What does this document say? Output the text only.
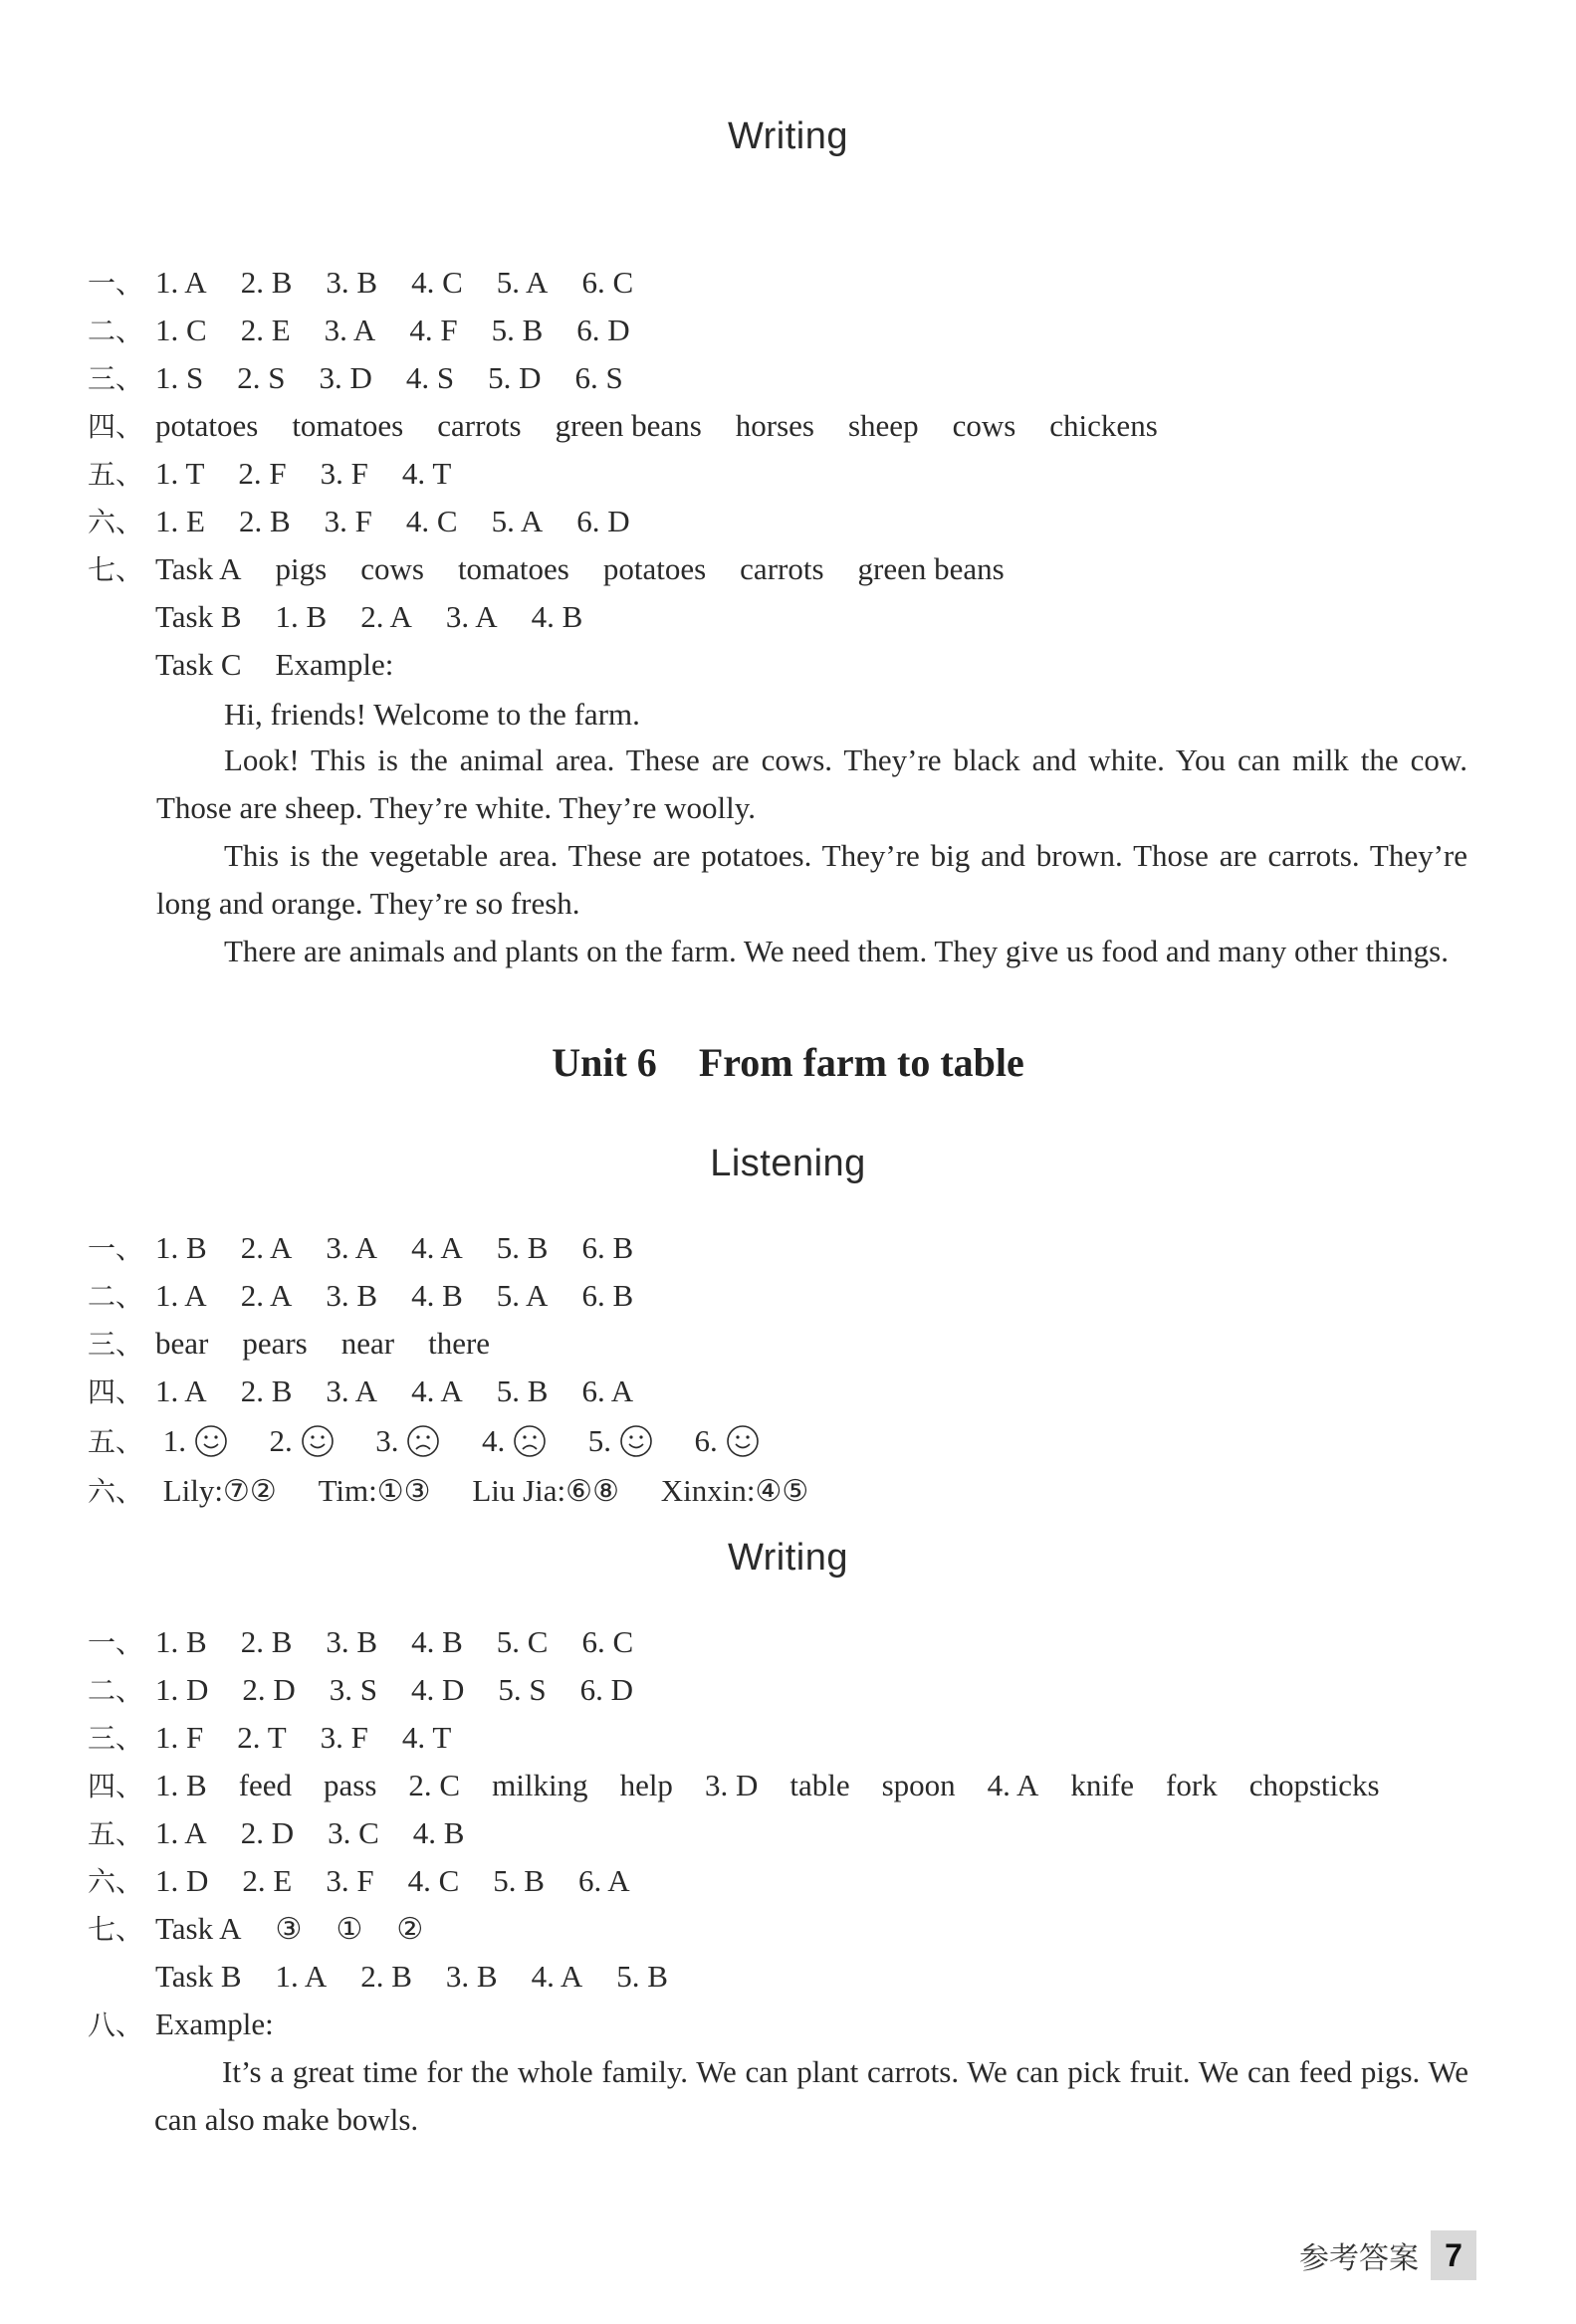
Writing
一、 1. A 2. B 3. B 4. C 5. A 6. C
二、 1. C 2. E 3. A 4. F 5. B 6. D
三、 1. S 2. S 3. D 4. S 5. D 6. S
四、 potatoes tomatoes carrots green beans horses sheep cows chickens
五、 1. T 2. F 3. F 4. T
六、 1. E 2. B 3. F 4. C 5. A 6. D
七、 Task A pigs cows tomatoes potatoes carrots green beans
Task B 1. B 2. A 3. A 4. B
Task C Example:
Hi, friends! Welcome to the farm.
Look! This is the animal area. These are cows. They’re black and white. You can milk the cow. Those are sheep. They’re white. They’re woolly.
This is the vegetable area. These are potatoes. They’re big and brown. Those are carrots. They’re long and orange. They’re so fresh.
There are animals and plants on the farm. We need them. They give us food and many other things.
Unit 6 From farm to table
Listening
一、 1. B 2. A 3. A 4. A 5. B 6. B
二、 1. A 2. A 3. B 4. B 5. A 6. B
三、 bear pears near there
四、 1. A 2. B 3. A 4. A 5. B 6. A
五、 1.	2.	3.	4.	5.	6.
六、 Lily:⑦② Tim:①③ Liu Jia:⑥⑧ Xinxin:④⑤
Writing
一、 1. B 2. B 3. B 4. B 5. C 6. C
二、 1. D 2. D 3. S 4. D 5. S 6. D
三、 1. F 2. T 3. F 4. T
四、 1. B feed pass 2. C milking help 3. D table spoon 4. A knife fork chopsticks
五、 1. A 2. D 3. C 4. B
六、 1. D 2. E 3. F 4. C 5. B 6. A
七、 Task A ③ ① ②
Task B 1. A 2. B 3. B 4. A 5. B
八、 Example:
It’s a great time for the whole family. We can plant carrots. We can pick fruit. We can feed pigs. We can also make bowls.
参考答案 7
